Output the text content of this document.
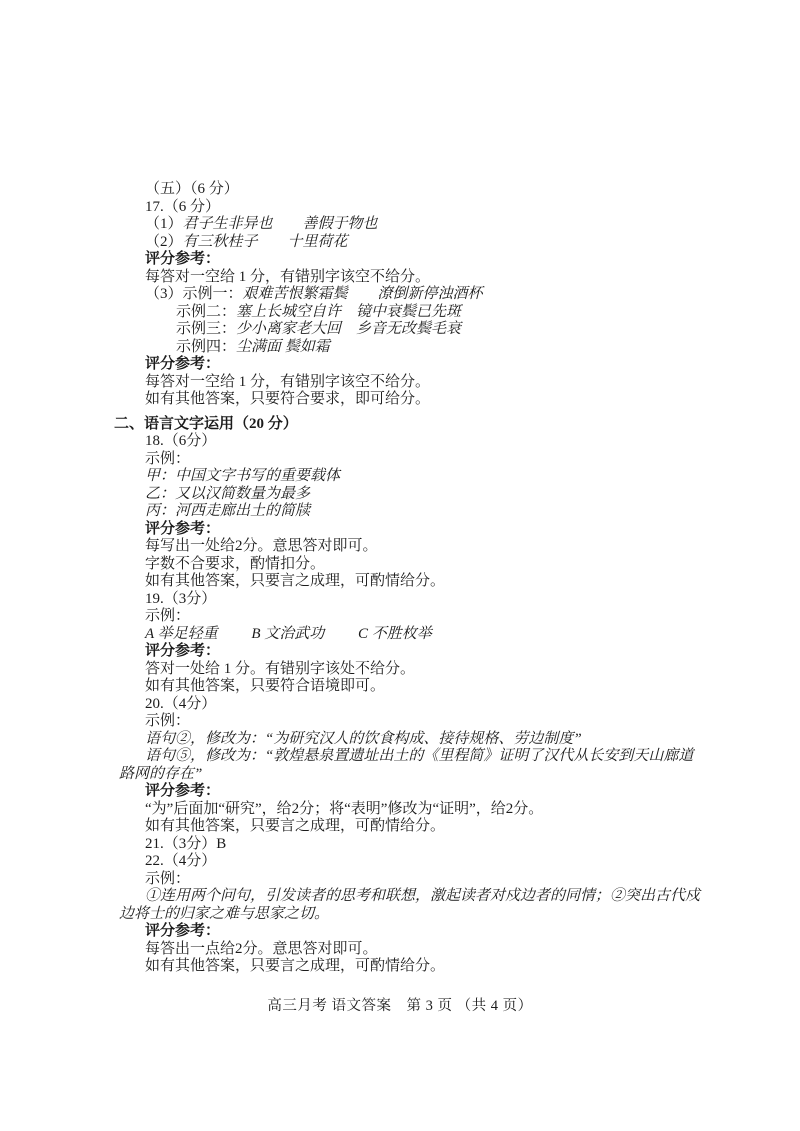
（五）（6 分）
17.（6 分）
（1）君子生非异也　　善假于物也
（2）有三秋桂子　　十里荷花
评分参考：
每答对一空给 1 分，有错别字该空不给分。
（3）示例一：艰难苦恨繁霜鬓　　潦倒新停浊酒杯
示例二：塞上长城空自许　镜中衰鬓已先斑
示例三：少小离家老大回　乡音无改鬓毛衰
示例四：尘满面 鬓如霜
评分参考：
每答对一空给 1 分，有错别字该空不给分。
如有其他答案，只要符合要求，即可给分。
二、语言文字运用（20 分）
18.（6分）
示例：
甲：中国文字书写的重要载体
乙：又以汉简数量为最多
丙：河西走廊出土的简牍
评分参考：
每写出一处给2分。意思答对即可。
字数不合要求，酌情扣分。
如有其他答案，只要言之成理，可酌情给分。
19.（3分）
示例：
A 举足轻重　　 B 文治武功　　 C 不胜枚举
评分参考：
答对一处给 1 分。有错别字该处不给分。
如有其他答案，只要符合语境即可。
20.（4分）
示例：
语句②，修改为：“为研究汉人的饮食构成、接待规格、劳边制度”
语句⑤，修改为：“敦煌悬泉置遗址出土的《里程简》证明了汉代从长安到天山廊道
路网的存在”
评分参考：
“为”后面加“研究”，给2分；将“表明”修改为“证明”，给2分。
如有其他答案，只要言之成理，可酌情给分。
21.（3分）B
22.（4分）
示例：
①连用两个问句，引发读者的思考和联想，激起读者对戍边者的同情；②突出古代戍
边将士的归家之难与思家之切。
评分参考：
每答出一点给2分。意思答对即可。
如有其他答案，只要言之成理，可酌情给分。
高三月考 语文答案　第 3 页 （共 4 页）
